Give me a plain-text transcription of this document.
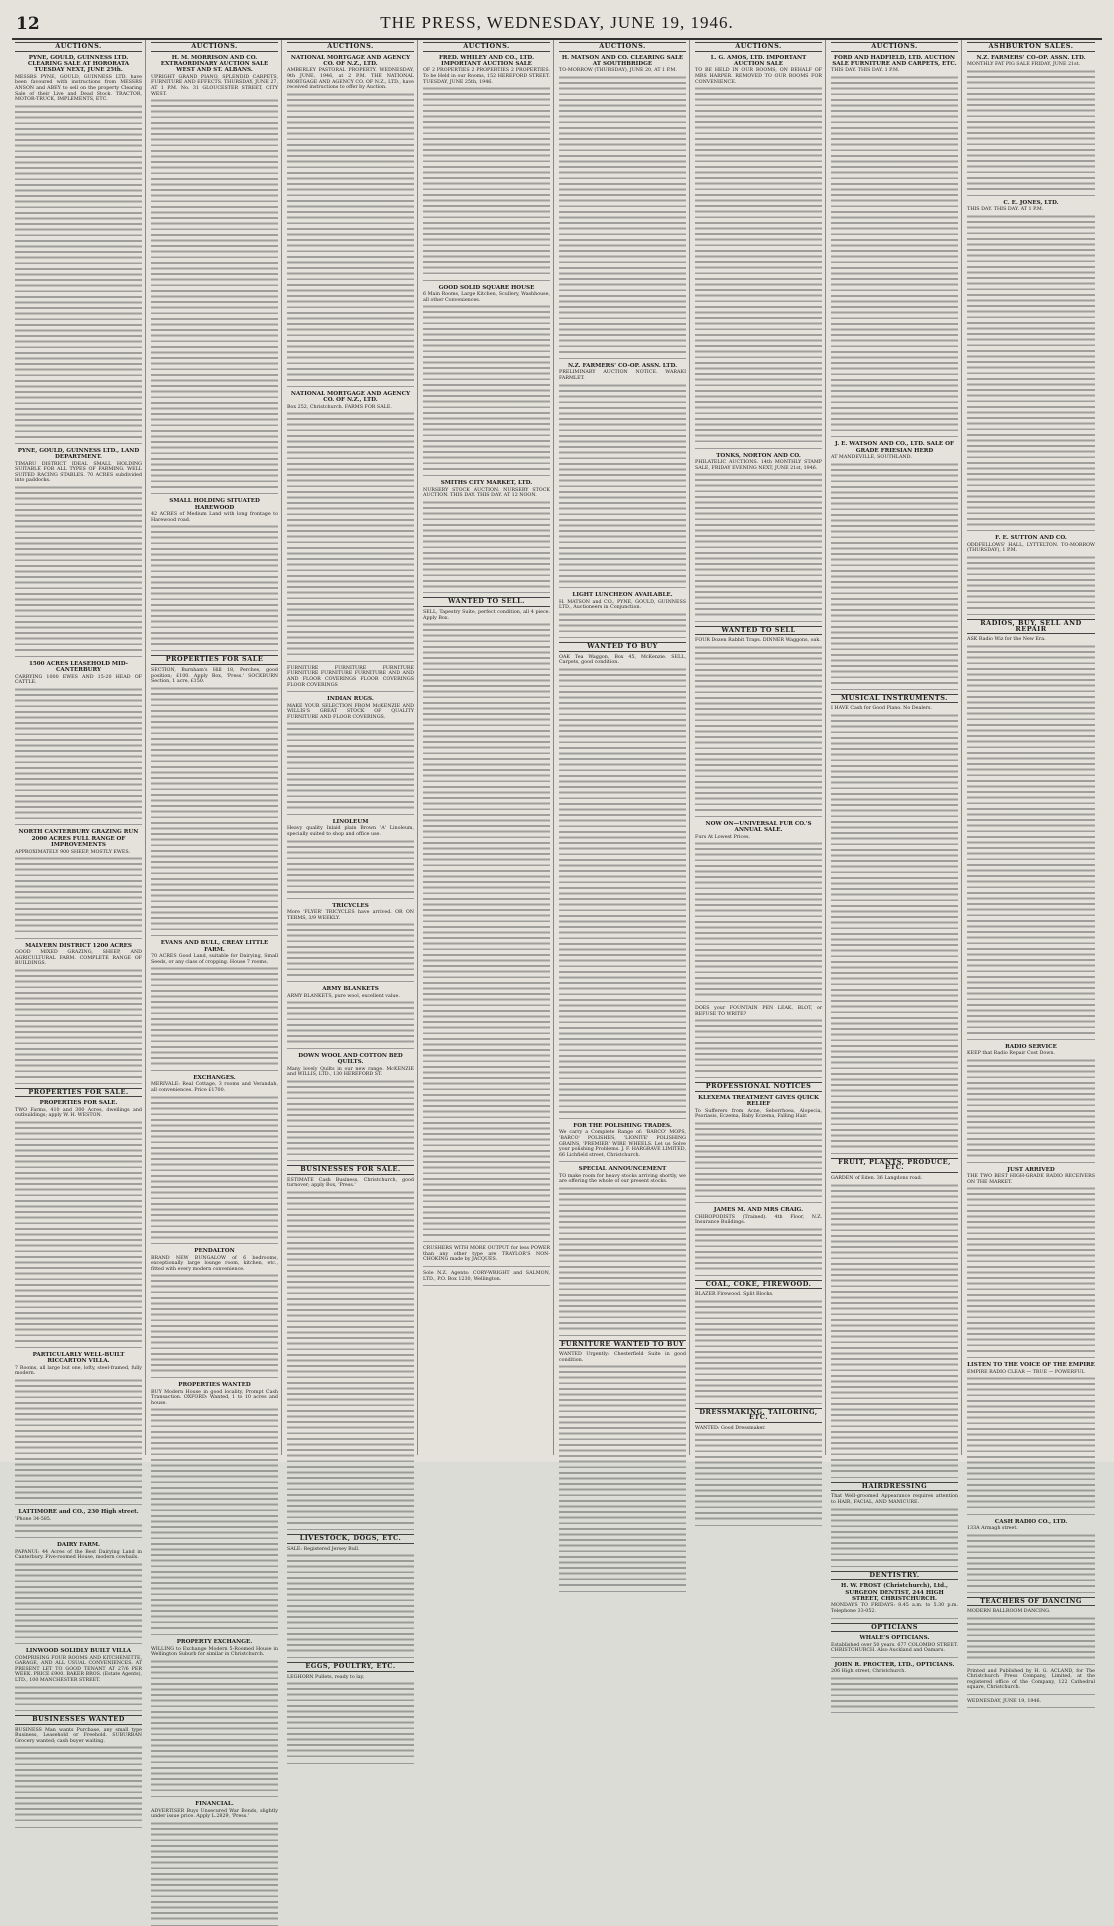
12	THE PRESS, WEDNESDAY, JUNE 19, 1946.
AUCTIONS.
PYNE, GOULD, GUINNESS LTD. CLEARING SALE AT HORORATA TUESDAY NEXT, JUNE 25th.

MESSRS PYNE, GOULD, GUINNESS LTD. have been favoured with instructions from MESSRS ANSON and ABEY to sell on the property Clearing Sale of their Live and Dead Stock. TRACTOR, MOTOR-TRUCK, IMPLEMENTS, ETC.

PYNE, GOULD, GUINNESS LTD., LAND DEPARTMENT.

TIMARU DISTRICT IDEAL SMALL HOLDING SUITABLE FOR ALL TYPES OF FARMING. WELL SUITED RACING STABLES. 70 ACRES subdivided into paddocks.

1500 ACRES LEASEHOLD MID-CANTERBURY

CARRYING 1000 EWES AND 15-20 HEAD OF CATTLE.

NORTH CANTERBURY GRAZING RUN 2000 ACRES FULL RANGE OF IMPROVEMENTS

APPROXIMATELY 900 SHEEP, MOSTLY EWES.

MALVERN DISTRICT 1200 ACRES

GOOD MIXED GRAZING, SHEEP, AND AGRICULTURAL FARM. COMPLETE RANGE OF BUILDINGS.

PROPERTIES FOR SALE.
PROPERTIES FOR SALE.

TWO Farms, 410 and 300 Acres, dwellings and outbuildings; apply W. H. WESTON.

PARTICULARLY WELL-BUILT RICCARTON VILLA.

7 Rooms, all large but one, lofty, steel-framed, fully modern.

LATTIMORE and CO., 230 High street.

'Phone 34-585.

DAIRY FARM.

PAPANUI: 44 Acres of the Best Dairying Land in Canterbury. Five-roomed House, modern cowbails.

LINWOOD SOLIDLY BUILT VILLA

COMPRISING FOUR ROOMS AND KITCHENETTE, GARAGE, AND ALL USUAL CONVENIENCES. AT PRESENT LET TO GOOD TENANT AT 27/6 PER WEEK. PRICE £900. BAKER BROS. (Estate Agents), LTD., 100 MANCHESTER STREET.

BUSINESSES WANTED

BUSINESS Man wants Purchase, any small type Business, Leasehold or Freehold. SUBURBAN Grocery wanted; cash buyer waiting.

AUCTIONS.
H. M. MORRISON AND CO. EXTRAORDINARY AUCTION SALE WEST AND ST. ALBANS.

UPRIGHT GRAND PIANO, SPLENDID CARPETS, FURNITURE AND EFFECTS. THURSDAY, JUNE 27, AT 1 P.M. No. 31 GLOUCESTER STREET, CITY WEST.

SMALL HOLDING SITUATED HAREWOOD

42 ACRES of Medium Land with long frontage to Harewood road.

PROPERTIES FOR SALE

SECTION, Burnham's Hill 18, Perches, good position; £100. Apply Box, 'Press.' SOCKBURN Section, 1 acre, £150.

EVANS AND BULL, CREAY LITTLE FARM.

70 ACRES Good Land, suitable for Dairying, Small Seeds, or any class of cropping. House 7 rooms.

EXCHANGES.

MERIVALE: Real Cottage, 3 rooms and Verandah, all conveniences. Price £1700.

PENDALTON

BRAND NEW BUNGALOW of 6 bedrooms, exceptionally large lounge room, kitchen, etc., fitted with every modern convenience.

PROPERTIES WANTED

BUY Modern House in good locality, Prompt Cash Transaction. OXFORD: Wanted, 1 to 10 acres and house.

PROPERTY EXCHANGE.

WILLING to Exchange Modern 5-Roomed House in Wellington Suburb for similar in Christchurch.

FINANCIAL.

ADVERTISER Buys Unsecured War Bonds, slightly under issue price. Apply L.2829, 'Press.'

AUCTIONS.
NATIONAL MORTGAGE AND AGENCY CO. OF N.Z., LTD.

AMBERLEY PASTORAL PROPERTY. WEDNESDAY, 9th JUNE, 1946, at 2 P.M. THE NATIONAL MORTGAGE AND AGENCY CO. OF N.Z., LTD., have received instructions to offer by Auction.

NATIONAL MORTGAGE AND AGENCY CO. OF N.Z., LTD.

Box 252, Christchurch. FARMS FOR SALE.

FURNITURE FURNITURE FURNITURE FURNITURE FURNITURE FURNITURE AND AND AND FLOOR COVERINGS FLOOR COVERINGS FLOOR COVERINGS

INDIAN RUGS.

MAKE YOUR SELECTION FROM McKENZIE AND WILLIS'S GREAT STOCK OF QUALITY FURNITURE AND FLOOR COVERINGS.

LINOLEUM

Heavy quality Inlaid plain Brown 'A' Linoleum, specially suited to shop and office use.

TRICYCLES

More 'FLYER' TRICYCLES have arrived. OR ON TERMS, 3/9 WEEKLY.

ARMY BLANKETS

ARMY BLANKETS, pure wool, excellent value.

DOWN WOOL AND COTTON BED QUILTS.

Many lovely Quilts in our new range. McKENZIE and WILLIS, LTD., 130 HEREFORD ST.

BUSINESSES FOR SALE.

ESTIMATE Cash Business, Christchurch, good turnover; apply Box, 'Press.'

LIVESTOCK, DOGS, ETC.

SALE: Registered Jersey Bull.

EGGS, POULTRY, ETC.

LEGHORN Pullets, ready to lay.

AUCTIONS.
FRED. WHILEY AND CO., LTD. IMPORTANT AUCTION SALE

OF 2 PROPERTIES 2 PROPERTIES 2 PROPERTIES. To be Held in our Rooms, 152 HEREFORD STREET. TUESDAY, JUNE 25th, 1946.

GOOD SOLID SQUARE HOUSE

6 Main Rooms, Large Kitchen, Scullery, Washhouse, all other Conveniences.

SMITHS CITY MARKET, LTD.

NURSERY STOCK AUCTION. NURSERY STOCK AUCTION. THIS DAY. THIS DAY. AT 12 NOON.

WANTED TO SELL.

SELL, Tapestry Suite, perfect condition, all 4 piece. Apply Box.

CRUSHERS WITH MORE OUTPUT for less POWER than any other type are TRAYLOR'S NON-CHOKING made by JACQUES.

Sole N.Z. Agents: CORY-WRIGHT and SALMON, LTD., P.O. Box 1230, Wellington.

AUCTIONS.
H. MATSON AND CO. CLEARING SALE AT SOUTHBRIDGE

TO-MORROW (THURSDAY), JUNE 20, AT 1 P.M.

N.Z. FARMERS' CO-OP. ASSN. LTD.

PRELIMINARY AUCTION NOTICE. WARAKI FARMLET.

LIGHT LUNCHEON AVAILABLE.

H. MATSON and CO., PYNE, GOULD, GUINNESS LTD., Auctioneers in Conjunction.

WANTED TO BUY

OAK Tea Waggon, Box 45, McKenzie. SELL, Carpets, good condition.

FOR THE POLISHING TRADES.

We carry a Complete Range of: 'BARCO' MOPS, 'BARCO' POLISHES, 'LIONITE' POLISHING GRAINS, 'PREMIER' WIRE WHEELS. Let us Solve your polishing Problems. J. F. HARGRAVE LIMITED, 66 Lichfield street, Christchurch.

SPECIAL ANNOUNCEMENT

TO make room for heavy stocks arriving shortly, we are offering the whole of our present stocks.

FURNITURE WANTED TO BUY

WANTED Urgently: Chesterfield Suite in good condition.

AUCTIONS.
L. G. AMOS, LTD. IMPORTANT AUCTION SALE

TO BE HELD IN OUR ROOMS, ON BEHALF OF MRS HARPER. REMOVED TO OUR ROOMS FOR CONVENIENCE.

TONKS, NORTON AND CO.

PHILATELIC AUCTIONS. 14th MONTHLY STAMP SALE, FRIDAY EVENING NEXT, JUNE 21st, 1946.

WANTED TO SELL

FOUR Dozen Rabbit Traps. DINNER Waggons, oak.

NOW ON—UNIVERSAL FUR CO.'S ANNUAL SALE.

Furs At Lowest Prices.

DOES your FOUNTAIN PEN LEAK, BLOT, or REFUSE TO WRITE?

PROFESSIONAL NOTICES
KLEXEMA TREATMENT GIVES QUICK RELIEF

To Sufferers from Acne, Seborrhoea, Alopecia, Psoriasis, Eczema, Baby Eczema, Falling Hair.

JAMES M. AND MRS CRAIG.

CHIROPODISTS (Trained). 4th Floor, N.Z. Insurance Buildings.

COAL, COKE, FIREWOOD.

BLAZER Firewood. Split Blocks.

DRESSMAKING, TAILORING, ETC.

WANTED: Good Dressmaker.

AUCTIONS.
FORD AND HADFIELD, LTD. AUCTION SALE FURNITURE AND CARPETS, ETC.

THIS DAY. THIS DAY. 1 P.M.

J. E. WATSON AND CO., LTD. SALE OF GRADE FRIESIAN HERD

AT MANDEVILLE, SOUTHLAND.

MUSICAL INSTRUMENTS.

I HAVE Cash for Good Piano. No Dealers.

FRUIT, PLANTS, PRODUCE, ETC.

GARDEN of Eden. 36 Langdons road.

HAIRDRESSING

That Well-groomed Appearance requires attention to HAIR, FACIAL, AND MANICURE.

DENTISTRY.
H. W. FROST (Christchurch), Ltd., SURGEON DENTIST, 244 HIGH STREET, CHRISTCHURCH.

MONDAYS TO FRIDAYS: 8.45 a.m. to 5.30 p.m. Telephone 33-052.

OPTICIANS
WHALE'S OPTICIANS.

Established over 50 years. 677 COLOMBO STREET. CHRISTCHURCH. Also Auckland and Oamaru.

JOHN R. PROCTER, LTD., OPTICIANS.

206 High street, Christchurch.

ASHBURTON SALES.
N.Z. FARMERS' CO-OP. ASSN. LTD.

MONTHLY FAT PIG SALE FRIDAY, JUNE 21st.

C. E. JONES, LTD.

THIS DAY. THIS DAY. AT 1 P.M.

F. E. SUTTON AND CO.

ODDFELLOWS' HALL, LYTTELTON. TO-MORROW (THURSDAY), 1 P.M.

RADIOS, BUY, SELL AND REPAIR

ASK Radio Wiz for the New Era.

RADIO SERVICE

KEEP that Radio Repair Cost Down.

JUST ARRIVED

THE TWO BEST HIGH-GRADE RADIO RECEIVERS ON THE MARKET.

LISTEN TO THE VOICE OF THE EMPIRE

EMPIRE RADIO CLEAR — TRUE — POWERFUL

CASH RADIO CO., LTD.

133A Armagh street.

TEACHERS OF DANCING

MODERN BALLROOM DANCING.

Printed and Published by H. G. ACLAND, for The Christchurch Press Company, Limited, at the registered office of the Company, 122 Cathedral square, Christchurch.

WEDNESDAY, JUNE 19, 1946.
